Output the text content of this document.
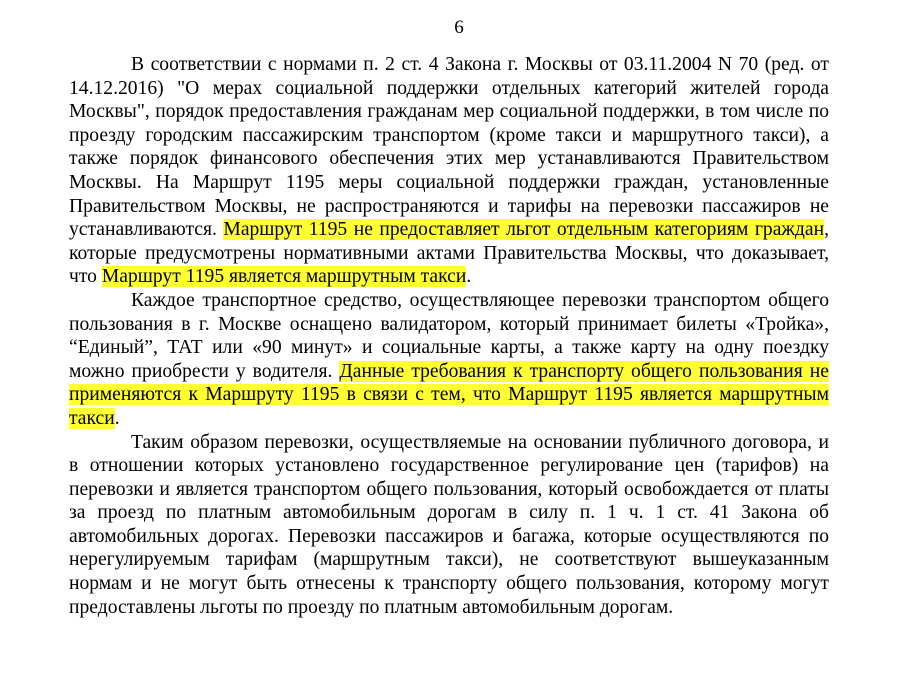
6

В соответствии с нормами п. 2 ст. 4 Закона г. Москвы от 03.11.2004 N 70 (ред. от 14.12.2016) "О мерах социальной поддержки отдельных категорий жителей города Москвы", порядок предоставления гражданам мер социальной поддержки, в том числе по проезду городским пассажирским транспортом (кроме такси и маршрутного такси), а также порядок финансового обеспечения этих мер устанавливаются Правительством Москвы. На Маршрут 1195 меры социальной поддержки граждан, установленные Правительством Москвы, не распространяются и тарифы на перевозки пассажиров не устанавливаются. Маршрут 1195 не предоставляет льгот отдельным категориям граждан, которые предусмотрены нормативными актами Правительства Москвы, что доказывает, что Маршрут 1195 является маршрутным такси.

Каждое транспортное средство, осуществляющее перевозки транспортом общего пользования в г. Москве оснащено валидатором, который принимает билеты «Тройка», “Единый”, ТАТ или «90 минут» и социальные карты, а также карту на одну поездку можно приобрести у водителя. Данные требования к транспорту общего пользования не применяются к Маршруту 1195 в связи с тем, что Маршрут 1195 является маршрутным такси.

Таким образом перевозки, осуществляемые на основании публичного договора, и в отношении которых установлено государственное регулирование цен (тарифов) на перевозки и является транспортом общего пользования, который освобождается от платы за проезд по платным автомобильным дорогам в силу п. 1 ч. 1 ст. 41 Закона об автомобильных дорогах. Перевозки пассажиров и багажа, которые осуществляются по нерегулируемым тарифам (маршрутным такси), не соответствуют вышеуказанным нормам и не могут быть отнесены к транспорту общего пользования, которому могут предоставлены льготы по проезду по платным автомобильным дорогам.
